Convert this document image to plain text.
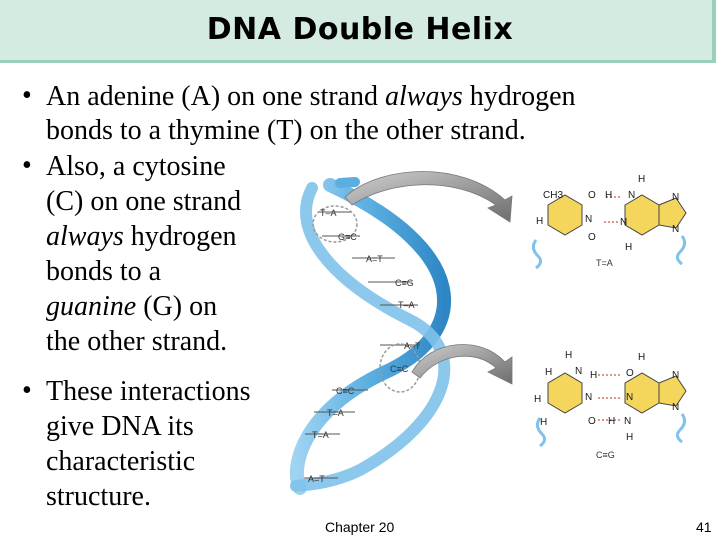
DNA Double Helix
• An adenine (A) on one strand always hydrogen
bonds to a thymine (T) on the other strand.
• Also, a cytosine
(C) on one strand
always hydrogen
bonds to a
guanine (G) on
the other strand.
• These interactions
give DNA its
characteristic
structure.
T–A
G≡C
A=T
C≡G
T–A
A–T
C≡C
C≡C
T=A
T=A
A=T
CH3 O H N
O
H	N	N
N
N
H
H
T=A
H
H N H
O
H	N	N
N
N
H
O
H N
H
H
C≡G
Chapter 20	41
